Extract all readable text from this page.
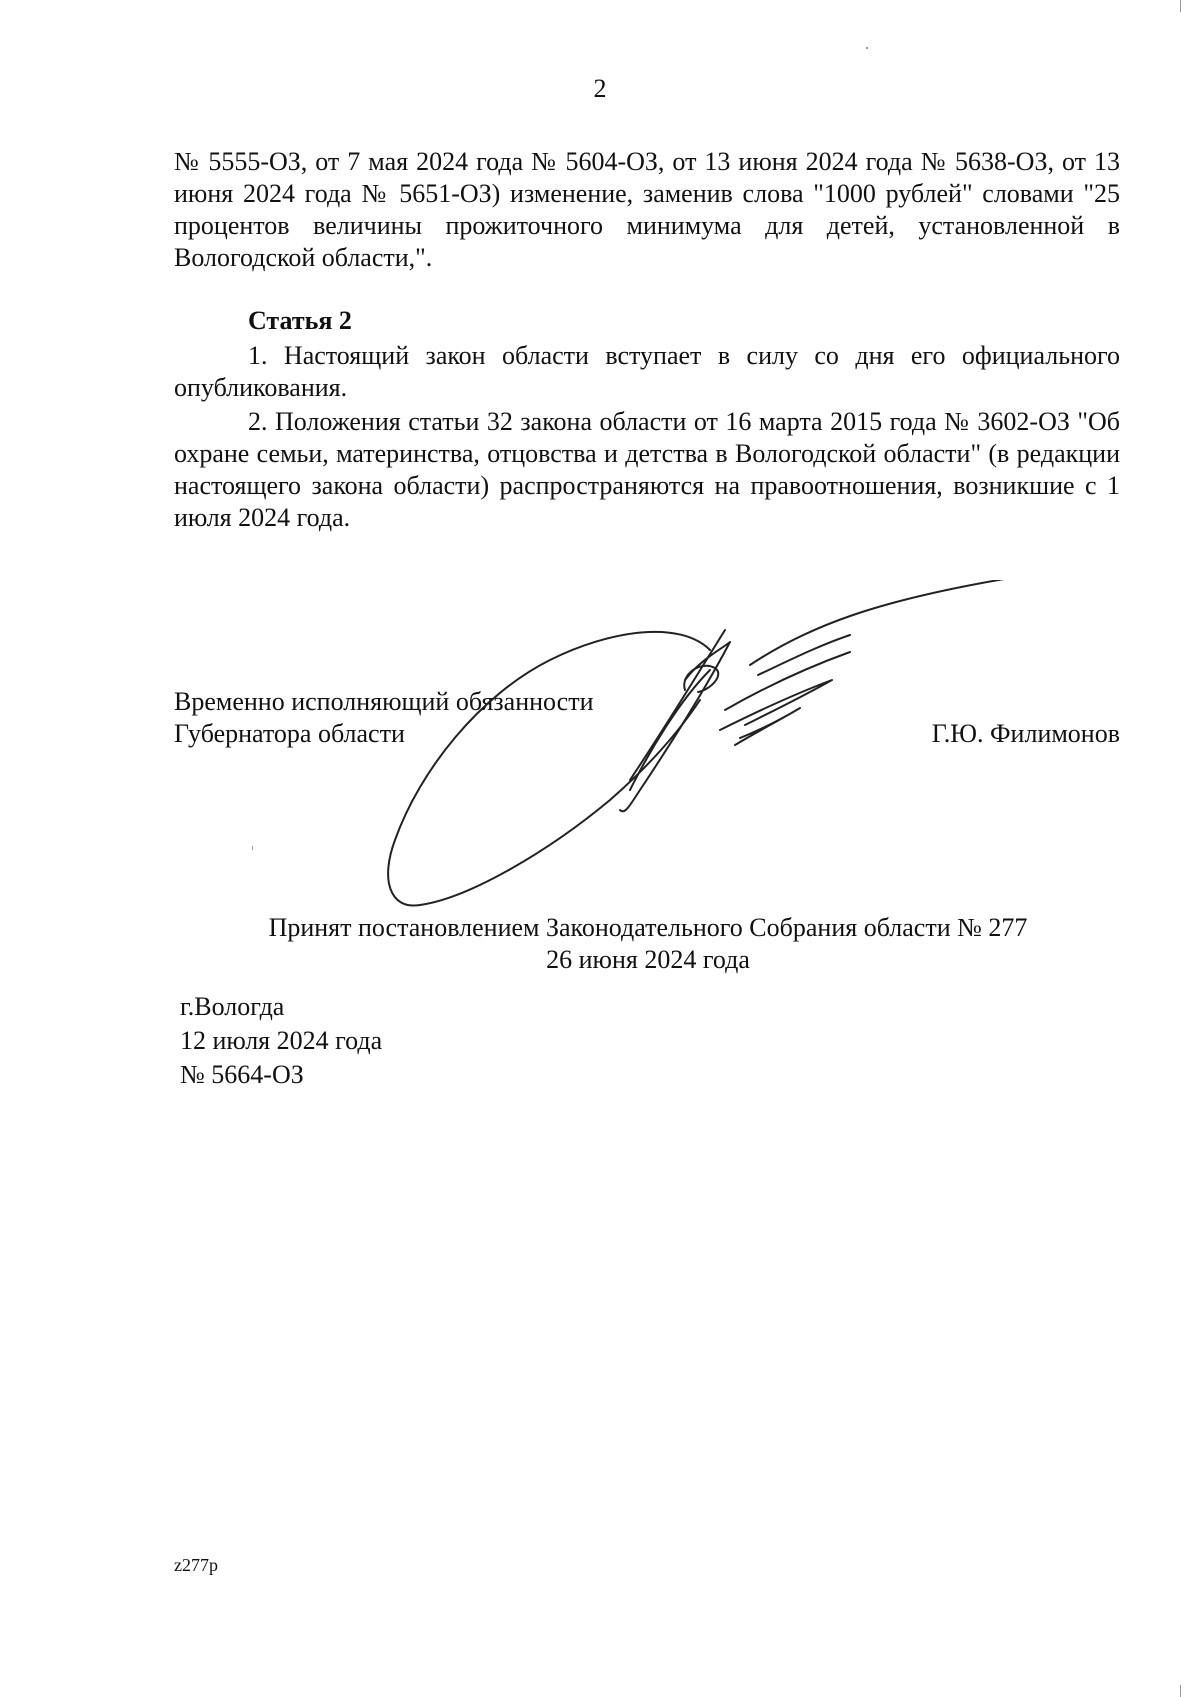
2
№ 5555-ОЗ, от 7 мая 2024 года № 5604-ОЗ, от 13 июня 2024 года № 5638-ОЗ, от 13 июня 2024 года № 5651-ОЗ) изменение, заменив слова "1000 рублей" словами "25 процентов величины прожиточного минимума для детей, установленной в Вологодской области,".
Статья 2
1. Настоящий закон области вступает в силу со дня его официального опубликования.
2. Положения статьи 32 закона области от 16 марта 2015 года № 3602-ОЗ "Об охране семьи, материнства, отцовства и детства в Вологодской области" (в редакции настоящего закона области) распространяются на правоотношения, возникшие с 1 июля 2024 года.
Временно исполняющий обязанности
Губернатора области	Г.Ю. Филимонов
Принят постановлением Законодательного Собрания области № 277
26 июня 2024 года
г.Вологда
12 июля 2024 года
№ 5664-ОЗ
z277p
